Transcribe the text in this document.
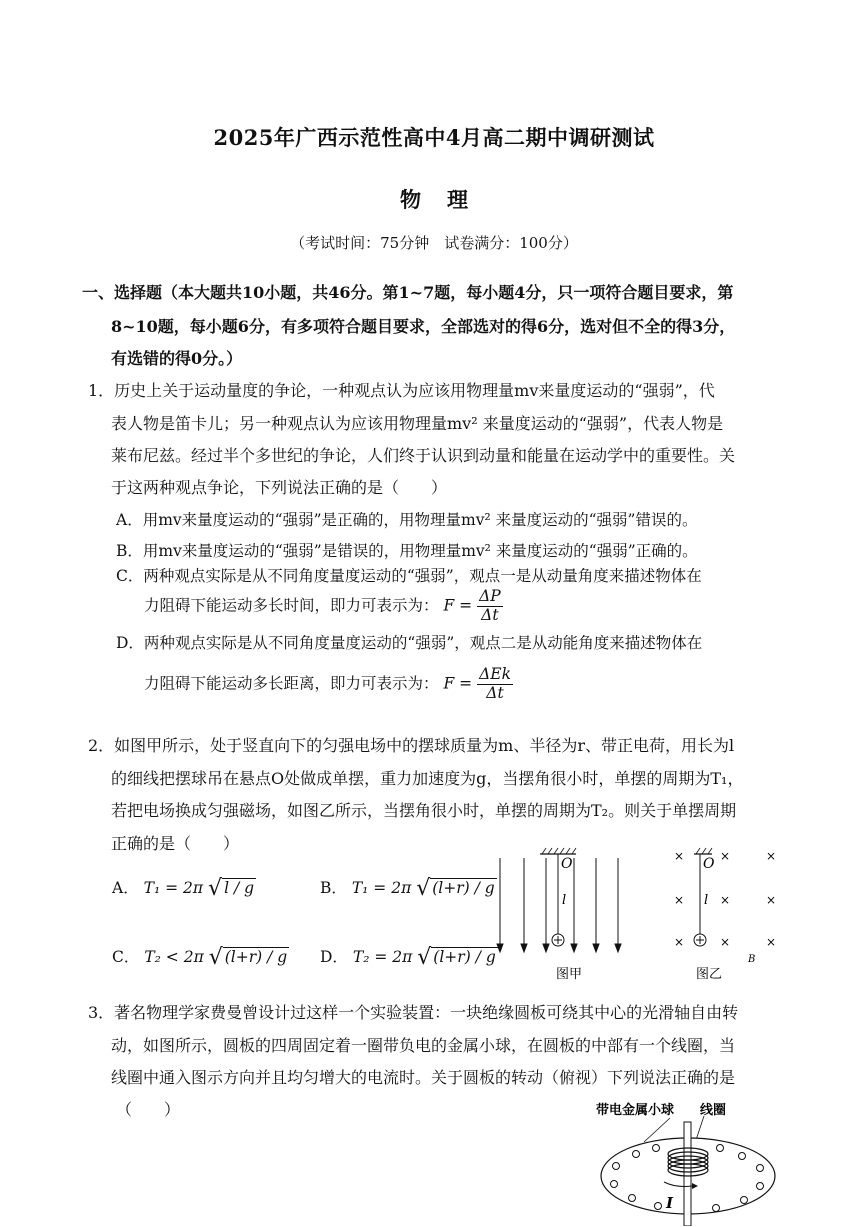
2025年广西示范性高中4月高二期中调研测试
物理
（考试时间：75分钟　试卷满分：100分）
一、选择题（本大题共10小题，共46分。第1~7题，每小题4分，只一项符合题目要求，第
8~10题，每小题6分，有多项符合题目要求，全部选对的得6分，选对但不全的得3分，
有选错的得0分。）
1．历史上关于运动量度的争论，一种观点认为应该用物理量mv来量度运动的“强弱”，代
表人物是笛卡儿；另一种观点认为应该用物理量mv² 来量度运动的“强弱”，代表人物是
莱布尼兹。经过半个多世纪的争论，人们终于认识到动量和能量在运动学中的重要性。关
于这两种观点争论，下列说法正确的是（　　）
A．用mv来量度运动的“强弱”是正确的，用物理量mv² 来量度运动的“强弱”错误的。
B．用mv来量度运动的“强弱”是错误的，用物理量mv² 来量度运动的“强弱”正确的。
C．两种观点实际是从不同角度量度运动的“强弱”，观点一是从动量角度来描述物体在
力阻碍下能运动多长时间，即力可表示为： $F = \frac{\Delta P}{\Delta t}$
D．两种观点实际是从不同角度量度运动的“强弱”，观点二是从动能角度来描述物体在
力阻碍下能运动多长距离，即力可表示为： $F = \frac{\text{ΔEk}}{\Delta t}$
2．如图甲所示，处于竖直向下的匀强电场中的摆球质量为m、半径为r、带正电荷，用长为l
的细线把摆球吊在悬点O处做成单摆，重力加速度为g，当摆角很小时，单摆的周期为T₁，
若把电场换成匀强磁场，如图乙所示，当摆角很小时，单摆的周期为T₂。则关于单摆周期
正确的是（　　）
A． T₁ = 2π √ l / g	B． T₁ = 2π √ (l+r) / g
C． T₂ < 2π √ (l+r) / g D． T₂ = 2π √ (l+r) / g
O
l
图甲
×	×	×
×	×	×
×	×	×
O
l
B
图乙
3．著名物理学家费曼曾设计过这样一个实验装置：一块绝缘圆板可绕其中心的光滑轴自由转
动，如图所示，圆板的四周固定着一圈带负电的金属小球，在圆板的中部有一个线圈，当
线圈中通入图示方向并且均匀增大的电流时。关于圆板的转动（俯视）下列说法正确的是
（　　）	带电金属小球 线圈
I
